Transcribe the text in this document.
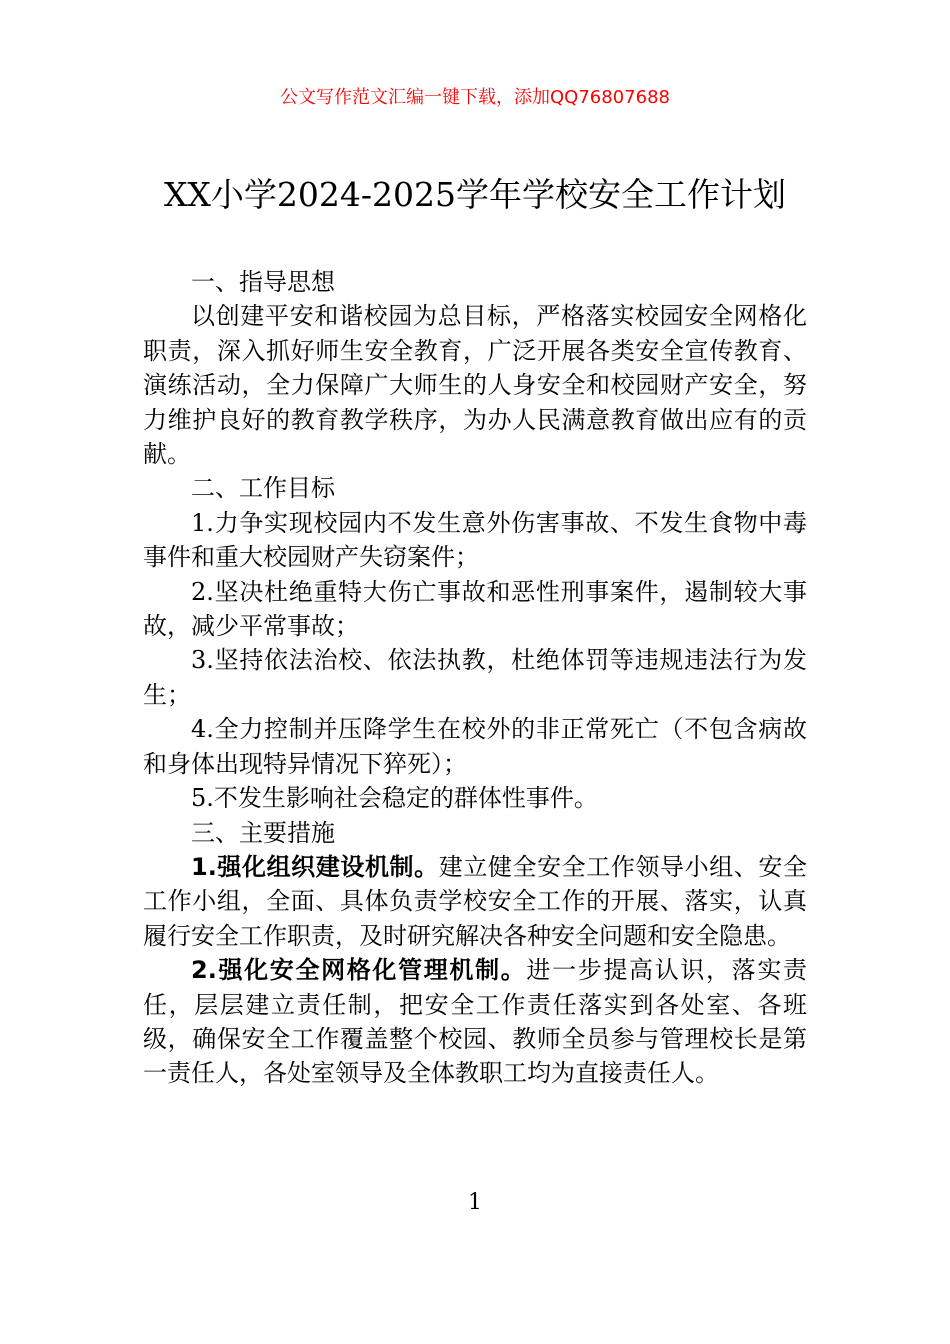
公文写作范文汇编一键下载，添加QQ76807688
XX小学2024-2025学年学校安全工作计划

一、指导思想

以创建平安和谐校园为总目标，严格落实校园安全网格化职责，深入抓好师生安全教育，广泛开展各类安全宣传教育、演练活动，全力保障广大师生的人身安全和校园财产安全，努力维护良好的教育教学秩序，为办人民满意教育做出应有的贡献。

二、工作目标

1.力争实现校园内不发生意外伤害事故、不发生食物中毒事件和重大校园财产失窃案件；

2.坚决杜绝重特大伤亡事故和恶性刑事案件，遏制较大事故，减少平常事故；

3.坚持依法治校、依法执教，杜绝体罚等违规违法行为发生；

4.全力控制并压降学生在校外的非正常死亡（不包含病故和身体出现特异情况下猝死）；

5.不发生影响社会稳定的群体性事件。

三、主要措施

1.强化组织建设机制。建立健全安全工作领导小组、安全工作小组，全面、具体负责学校安全工作的开展、落实，认真履行安全工作职责，及时研究解决各种安全问题和安全隐患。

2.强化安全网格化管理机制。进一步提高认识，落实责任，层层建立责任制，把安全工作责任落实到各处室、各班级，确保安全工作覆盖整个校园、教师全员参与管理校长是第一责任人，各处室领导及全体教职工均为直接责任人。

1
